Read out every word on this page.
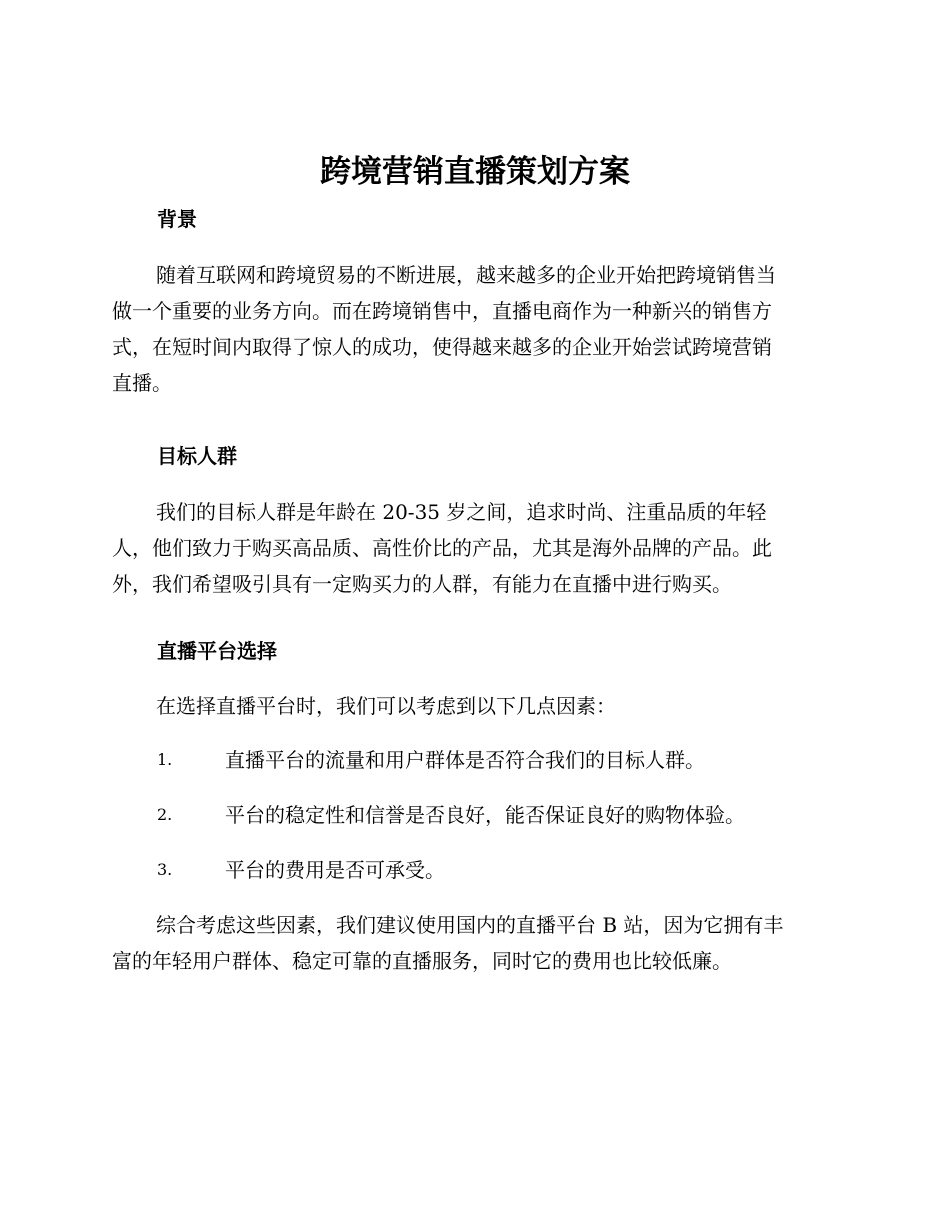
跨境营销直播策划方案
背景
随着互联网和跨境贸易的不断进展，越来越多的企业开始把跨境销售当
做一个重要的业务方向。而在跨境销售中，直播电商作为一种新兴的销售方
式，在短时间内取得了惊人的成功，使得越来越多的企业开始尝试跨境营销
直播。
目标人群
我们的目标人群是年龄在 20-35 岁之间，追求时尚、注重品质的年轻
人，他们致力于购买高品质、高性价比的产品，尤其是海外品牌的产品。此
外，我们希望吸引具有一定购买力的人群，有能力在直播中进行购买。
直播平台选择
在选择直播平台时，我们可以考虑到以下几点因素：
1.	直播平台的流量和用户群体是否符合我们的目标人群。
2.	平台的稳定性和信誉是否良好，能否保证良好的购物体验。
3.	平台的费用是否可承受。
综合考虑这些因素，我们建议使用国内的直播平台 B 站，因为它拥有丰
富的年轻用户群体、稳定可靠的直播服务，同时它的费用也比较低廉。
